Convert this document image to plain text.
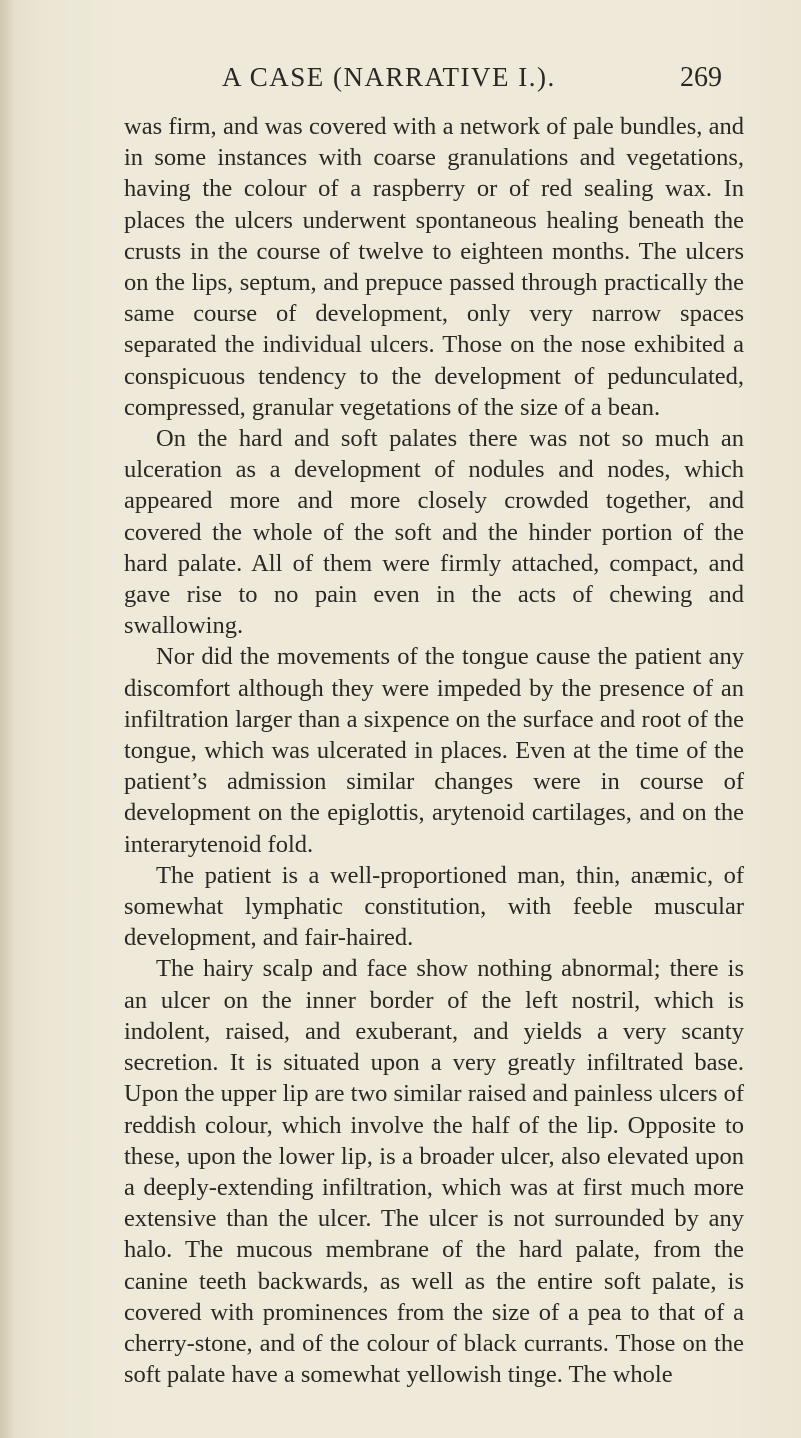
A CASE (NARRATIVE I.).	269

was firm, and was covered with a network of pale bundles, and in some instances with coarse granulations and vegetations, having the colour of a raspberry or of red sealing wax. In places the ulcers underwent spontaneous healing beneath the crusts in the course of twelve to eighteen months. The ulcers on the lips, septum, and prepuce passed through practically the same course of development, only very narrow spaces separated the individual ulcers. Those on the nose exhibited a conspicuous tendency to the development of pedunculated, compressed, granular vegetations of the size of a bean.

On the hard and soft palates there was not so much an ulceration as a development of nodules and nodes, which appeared more and more closely crowded together, and covered the whole of the soft and the hinder portion of the hard palate. All of them were firmly attached, compact, and gave rise to no pain even in the acts of chewing and swallowing.

Nor did the movements of the tongue cause the patient any discomfort although they were impeded by the presence of an infiltration larger than a sixpence on the surface and root of the tongue, which was ulcerated in places. Even at the time of the patient’s admission similar changes were in course of development on the epiglottis, arytenoid cartilages, and on the interarytenoid fold.

The patient is a well-proportioned man, thin, anæmic, of somewhat lymphatic constitution, with feeble muscular development, and fair-haired.

The hairy scalp and face show nothing abnormal; there is an ulcer on the inner border of the left nostril, which is indolent, raised, and exuberant, and yields a very scanty secretion. It is situated upon a very greatly infiltrated base. Upon the upper lip are two similar raised and painless ulcers of reddish colour, which involve the half of the lip. Opposite to these, upon the lower lip, is a broader ulcer, also elevated upon a deeply-extending infiltration, which was at first much more extensive than the ulcer. The ulcer is not surrounded by any halo. The mucous membrane of the hard palate, from the canine teeth backwards, as well as the entire soft palate, is covered with prominences from the size of a pea to that of a cherry-stone, and of the colour of black currants. Those on the soft palate have a somewhat yellowish tinge. The whole
